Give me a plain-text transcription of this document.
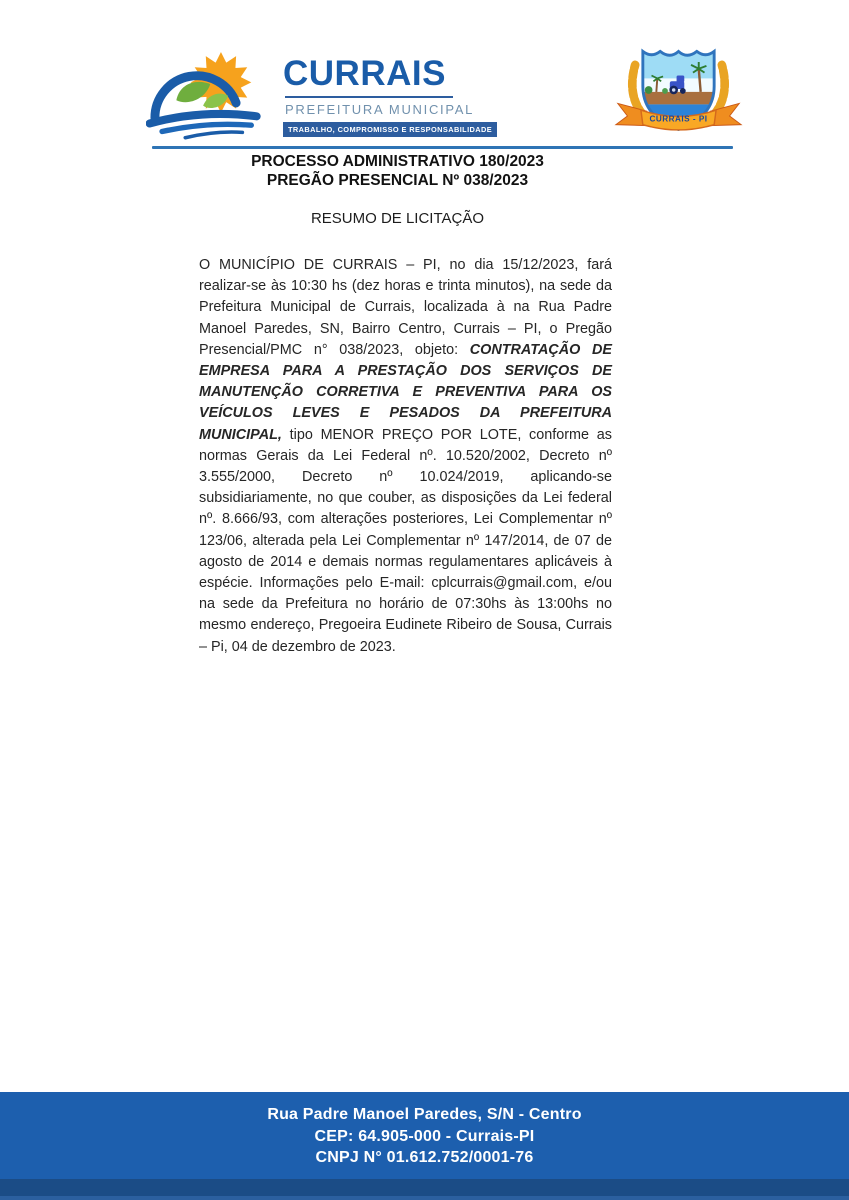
CURRAIS
PREFEITURA MUNICIPAL
TRABALHO, COMPROMISSO E RESPONSABILIDADE
CURRAIS - PI
PROCESSO ADMINISTRATIVO 180/2023
PREGÃO PRESENCIAL Nº 038/2023
RESUMO DE LICITAÇÃO

O MUNICÍPIO DE CURRAIS – PI, no dia 15/12/2023, fará realizar-se às 10:30 hs (dez horas e trinta minutos), na sede da Prefeitura Municipal de Currais, localizada à na Rua Padre Manoel Paredes, SN, Bairro Centro, Currais – PI, o Pregão Presencial/PMC n° 038/2023, objeto: CONTRATAÇÃO DE EMPRESA PARA A PRESTAÇÃO DOS SERVIÇOS DE MANUTENÇÃO CORRETIVA E PREVENTIVA PARA OS VEÍCULOS LEVES E PESADOS DA PREFEITURA MUNICIPAL, tipo MENOR PREÇO POR LOTE, conforme as normas Gerais da Lei Federal nº. 10.520/2002, Decreto nº 3.555/2000, Decreto nº 10.024/2019, aplicando-se subsidiariamente, no que couber, as disposições da Lei federal nº. 8.666/93, com alterações posteriores, Lei Complementar nº 123/06, alterada pela Lei Complementar nº 147/2014, de 07 de agosto de 2014 e demais normas regulamentares aplicáveis à espécie. Informações pelo E-mail: cplcurrais@gmail.com, e/ou na sede da Prefeitura no horário de 07:30hs às 13:00hs no mesmo endereço, Pregoeira Eudinete Ribeiro de Sousa, Currais – Pi, 04 de dezembro de 2023.

Rua Padre Manoel Paredes, S/N - Centro
CEP: 64.905-000 - Currais-PI
CNPJ N° 01.612.752/0001-76
